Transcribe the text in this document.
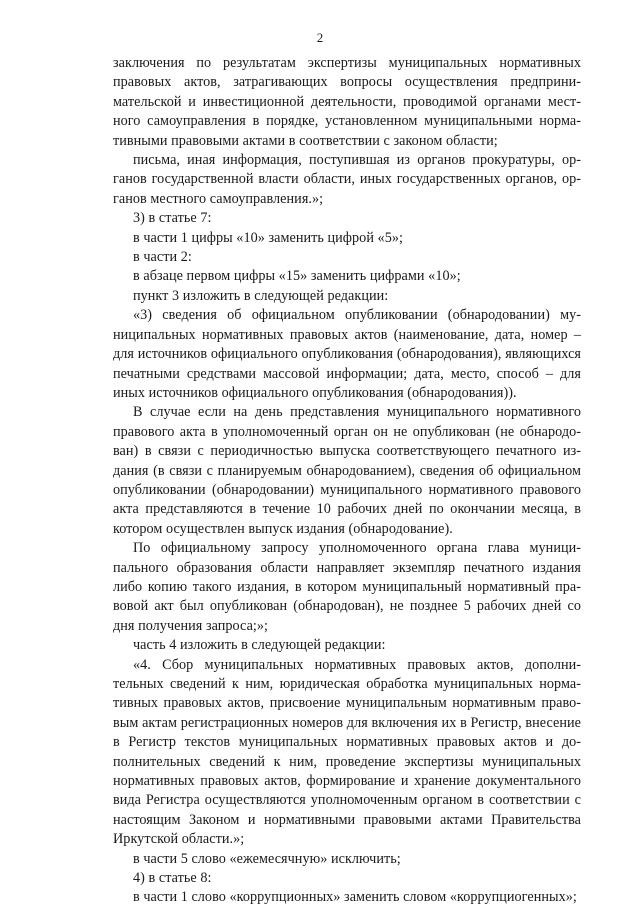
2

заключения по результатам экспертизы муниципальных нормативных правовых актов, затрагивающих вопросы осуществления предпринимательской и инвестиционной деятельности, проводимой органами местного самоуправления в порядке, установленном муниципальными нормативными правовыми актами в соответствии с законом области;

письма, иная информация, поступившая из органов прокуратуры, органов государственной власти области, иных государственных органов, органов местного самоуправления.»;

3) в статье 7:

в части 1 цифры «10» заменить цифрой «5»;

в части 2:

в абзаце первом цифры «15» заменить цифрами «10»;

пункт 3 изложить в следующей редакции:

«3) сведения об официальном опубликовании (обнародовании) муниципальных нормативных правовых актов (наименование, дата, номер – для источников официального опубликования (обнародования), являющихся печатными средствами массовой информации; дата, место, способ – для иных источников официального опубликования (обнародования)).

В случае если на день представления муниципального нормативного правового акта в уполномоченный орган он не опубликован (не обнародован) в связи с периодичностью выпуска соответствующего печатного издания (в связи с планируемым обнародованием), сведения об официальном опубликовании (обнародовании) муниципального нормативного правового акта представляются в течение 10 рабочих дней по окончании месяца, в котором осуществлен выпуск издания (обнародование).

По официальному запросу уполномоченного органа глава муниципального образования области направляет экземпляр печатного издания либо копию такого издания, в котором муниципальный нормативный правовой акт был опубликован (обнародован), не позднее 5 рабочих дней со дня получения запроса;»;

часть 4 изложить в следующей редакции:

«4. Сбор муниципальных нормативных правовых актов, дополнительных сведений к ним, юридическая обработка муниципальных нормативных правовых актов, присвоение муниципальным нормативным правовым актам регистрационных номеров для включения их в Регистр, внесение в Регистр текстов муниципальных нормативных правовых актов и дополнительных сведений к ним, проведение экспертизы муниципальных нормативных правовых актов, формирование и хранение документального вида Регистра осуществляются уполномоченным органом в соответствии с настоящим Законом и нормативными правовыми актами Правительства Иркутской области.»;

в части 5 слово «ежемесячную» исключить;

4) в статье 8:

в части 1 слово «коррупционных» заменить словом «коррупциогенных»;
